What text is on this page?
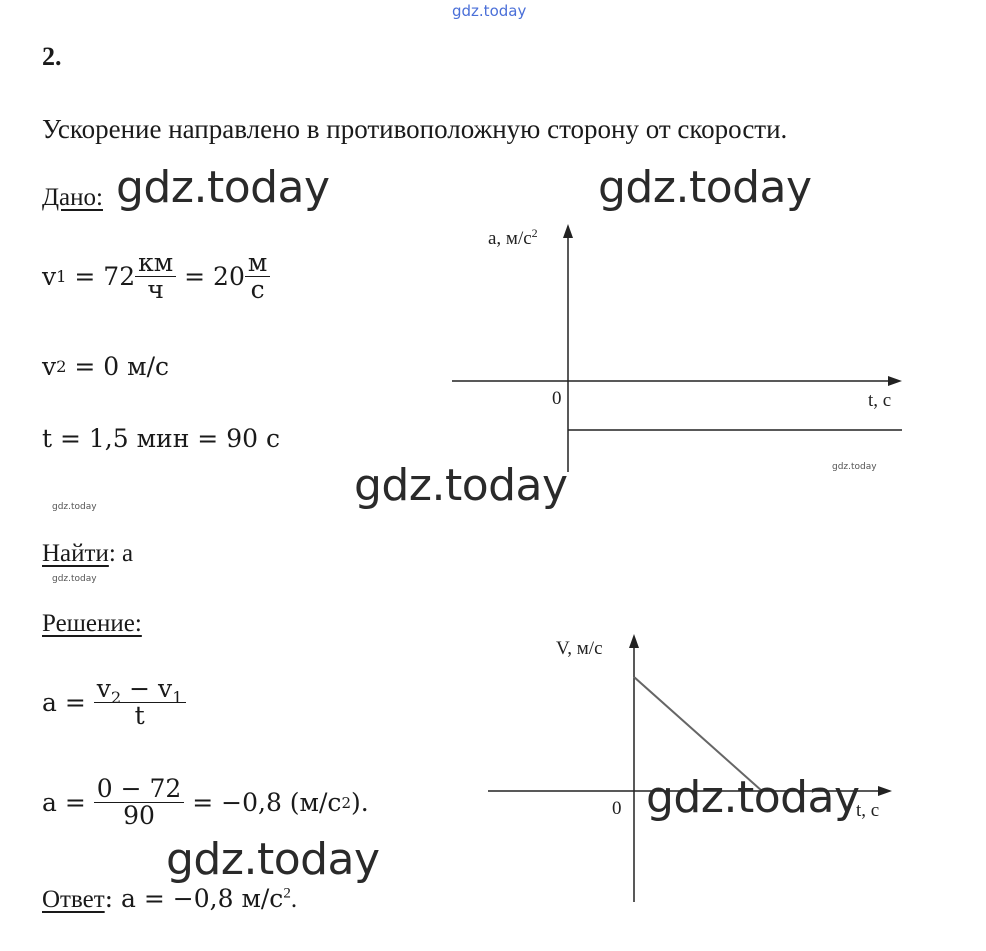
gdz.today
2.
Ускорение направлено в противоположную сторону от скорости.
Дано:
v $1 = 72 \frac{км}{ч} = 20 \frac{м}{с}$
v 2 = 0 м/с
t = 1,5 мин = 90 с
gdz.today
gdz.today
gdz.today
Найти: a
Решение:
$a = \frac{v_2 - v_1}{t}$
$a = \frac{0 - 72}{90} = -0,8$ (м/с 2 ).
Ответ: a = −0,8 $м/с^2$.
a, $м/с^2$
t, с
0
V, м/с
t, с
0
gdz.today	gdz.today
gdz.today
gdz.today
gdz.today
